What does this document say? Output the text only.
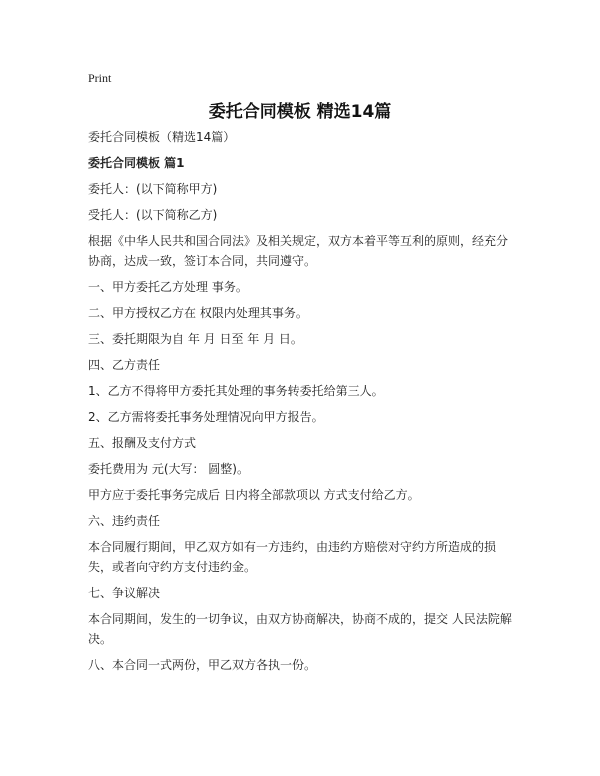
Print
委托合同模板 精选14篇

委托合同模板（精选14篇）

委托合同模板 篇1

委托人：(以下简称甲方)

受托人：(以下简称乙方)

根据《中华人民共和国合同法》及相关规定，双方本着平等互利的原则，经充分协商，达成一致，签订本合同，共同遵守。

一、甲方委托乙方处理 事务。

二、甲方授权乙方在 权限内处理其事务。

三、委托期限为自 年 月 日至 年 月 日。

四、乙方责任

1、乙方不得将甲方委托其处理的事务转委托给第三人。

2、乙方需将委托事务处理情况向甲方报告。

五、报酬及支付方式

委托费用为 元(大写： 圆整)。

甲方应于委托事务完成后 日内将全部款项以 方式支付给乙方。

六、违约责任

本合同履行期间，甲乙双方如有一方违约，由违约方赔偿对守约方所造成的损失，或者向守约方支付违约金。

七、争议解决

本合同期间，发生的一切争议，由双方协商解决，协商不成的，提交 人民法院解决。

八、本合同一式两份，甲乙双方各执一份。
